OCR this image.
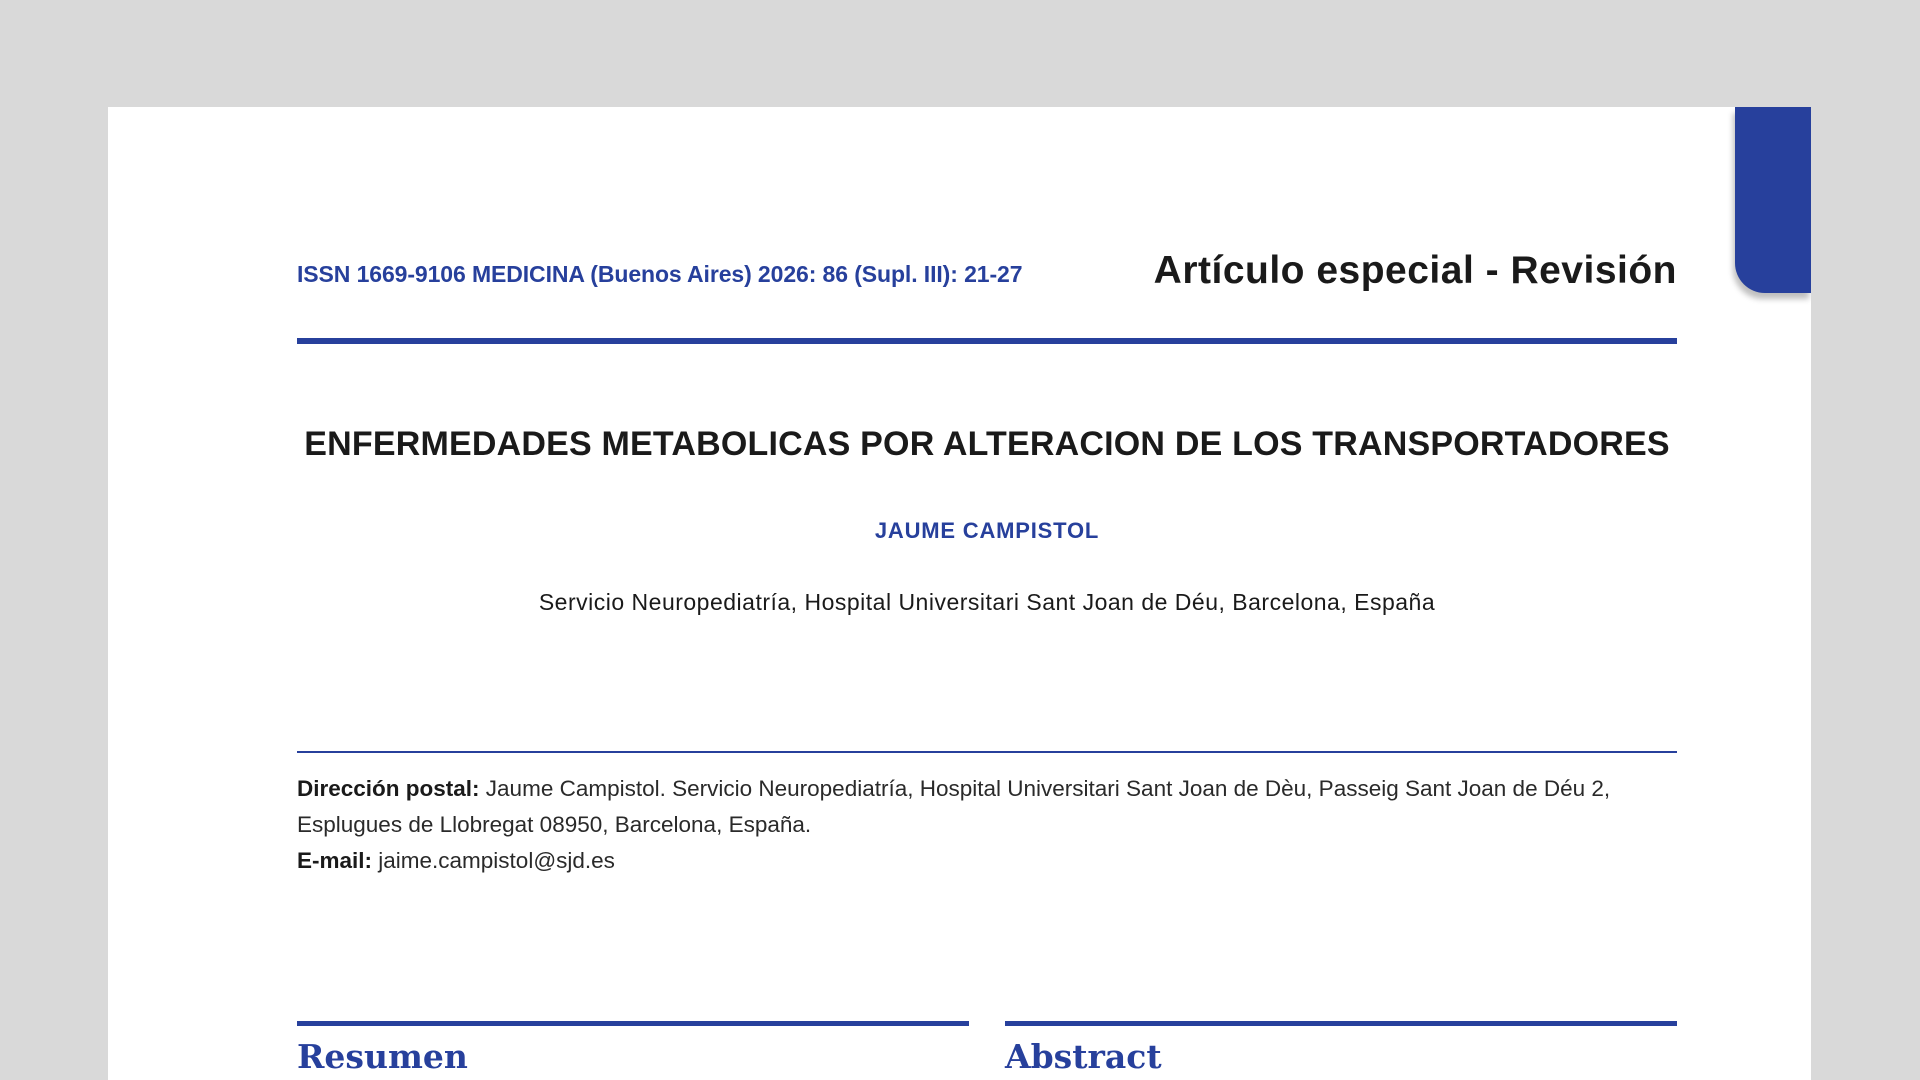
ISSN 1669-9106 MEDICINA (Buenos Aires) 2026: 86 (Supl. III): 21-27	Artículo especial - Revisión
ENFERMEDADES METABOLICAS POR ALTERACION DE LOS TRANSPORTADORES
JAUME CAMPISTOL
Servicio Neuropediatría, Hospital Universitari Sant Joan de Déu, Barcelona, España
Dirección postal: Jaume Campistol. Servicio Neuropediatría, Hospital Universitari Sant Joan de Dèu, Passeig Sant Joan de Déu 2,
Esplugues de Llobregat 08950, Barcelona, España.
E-mail: jaime.campistol@sjd.es
Resumen	Abstract
